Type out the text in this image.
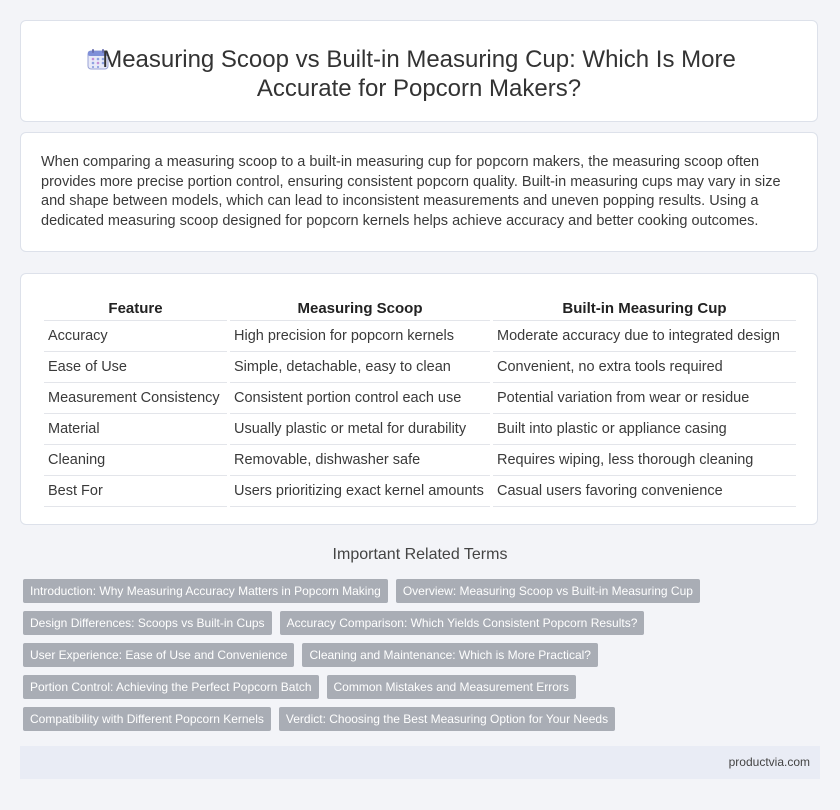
Measuring Scoop vs Built-in Measuring Cup: Which Is More Accurate for Popcorn Makers?

When comparing a measuring scoop to a built-in measuring cup for popcorn makers, the measuring scoop often provides more precise portion control, ensuring consistent popcorn quality. Built-in measuring cups may vary in size and shape between models, which can lead to inconsistent measurements and uneven popping results. Using a dedicated measuring scoop designed for popcorn kernels helps achieve accuracy and better cooking outcomes.

Feature	Measuring Scoop	Built-in Measuring Cup
Accuracy	High precision for popcorn kernels	Moderate accuracy due to integrated design
Ease of Use	Simple, detachable, easy to clean	Convenient, no extra tools required
Measurement Consistency	Consistent portion control each use	Potential variation from wear or residue
Material	Usually plastic or metal for durability	Built into plastic or appliance casing
Cleaning	Removable, dishwasher safe	Requires wiping, less thorough cleaning
Best For	Users prioritizing exact kernel amounts	Casual users favoring convenience
Important Related Terms
Introduction: Why Measuring Accuracy Matters in Popcorn Making	Overview: Measuring Scoop vs Built-in Measuring Cup
Design Differences: Scoops vs Built-in Cups	Accuracy Comparison: Which Yields Consistent Popcorn Results?
User Experience: Ease of Use and Convenience	Cleaning and Maintenance: Which is More Practical?
Portion Control: Achieving the Perfect Popcorn Batch	Common Mistakes and Measurement Errors
Compatibility with Different Popcorn Kernels	Verdict: Choosing the Best Measuring Option for Your Needs
productvia.com
